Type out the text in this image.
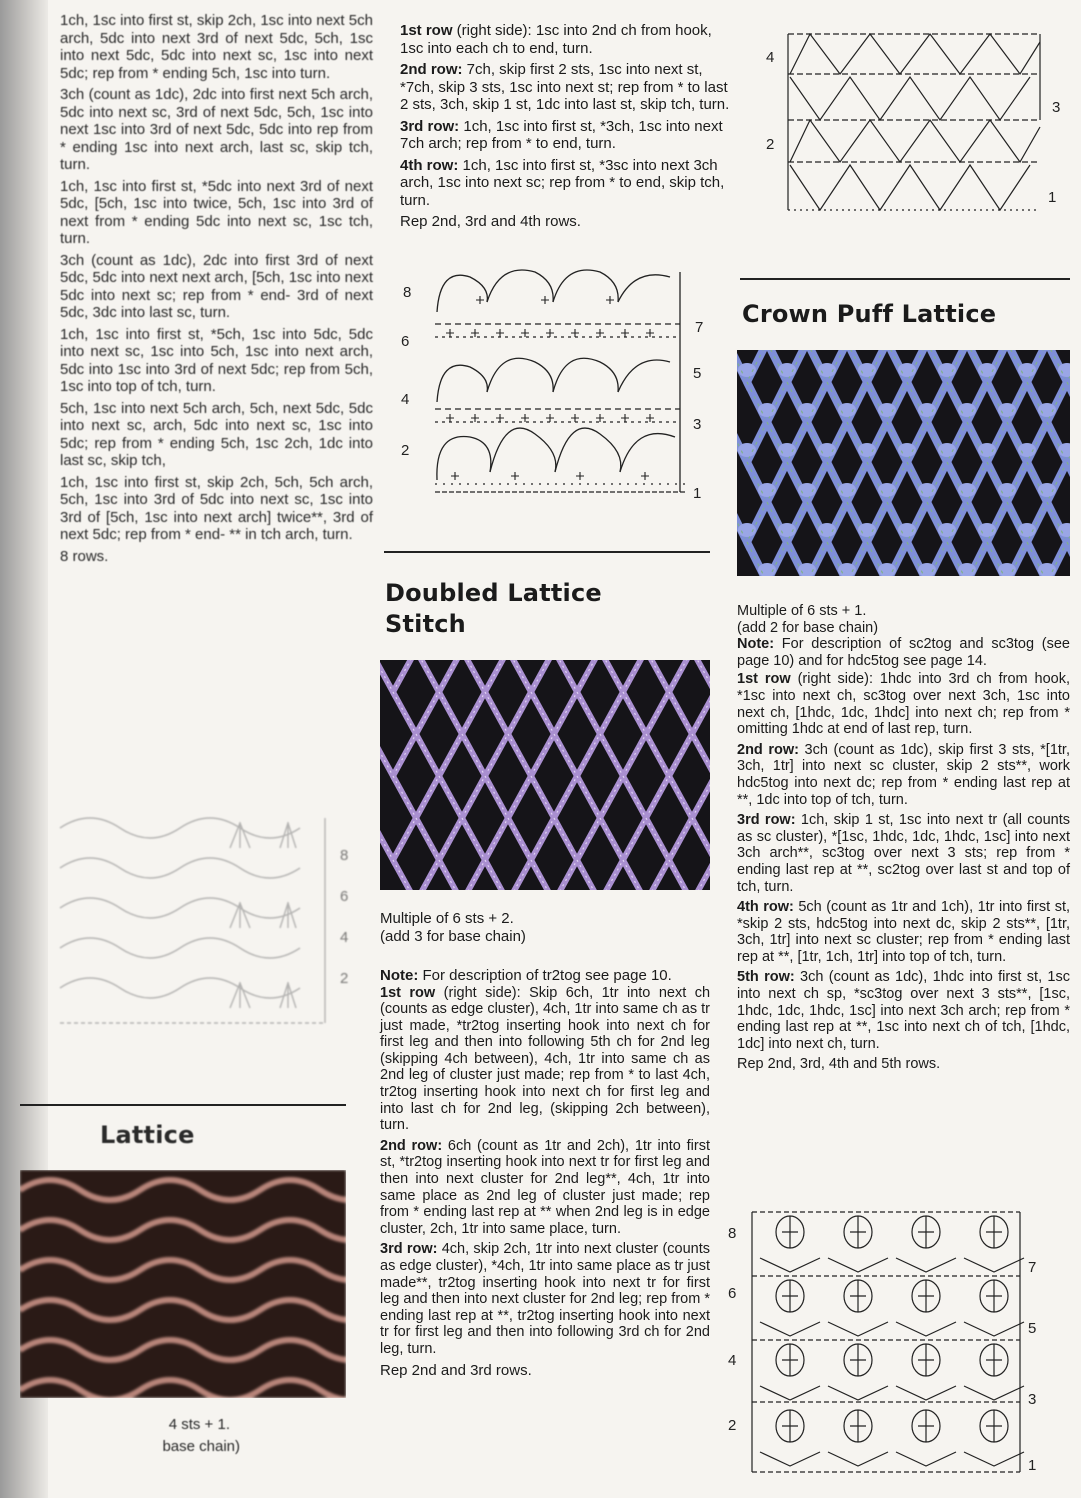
1ch, 1sc into first st, skip 2ch, 1sc into next 5ch arch, 5dc into next 3rd of next 5dc, 5ch, 1sc into next 5dc, 5dc into next sc, 1sc into next 5dc; rep from * ending 5ch, 1sc into turn.

3ch (count as 1dc), 2dc into first next 5ch arch, 5dc into next sc, 3rd of next 5dc, 5ch, 1sc into next 1sc into 3rd of next 5dc, 5dc into rep from * ending 1sc into next arch, last sc, skip tch, turn.

1ch, 1sc into first st, *5dc into next 3rd of next 5dc, [5ch, 1sc into twice, 5ch, 1sc into 3rd of next from * ending 5dc into next sc, 1sc tch, turn.

3ch (count as 1dc), 2dc into first 3rd of next 5dc, 5dc into next next arch, [5ch, 1sc into next 5dc into next sc; rep from * end- 3rd of next 5dc, 3dc into last sc, turn.

1ch, 1sc into first st, *5ch, 1sc into 5dc, 5dc into next sc, 1sc into 5ch, 1sc into next arch, 5dc into 1sc into 3rd of next 5dc; rep from 5ch, 1sc into top of tch, turn.

5ch, 1sc into next 5ch arch, 5ch, next 5dc, 5dc into next sc, arch, 5dc into next sc, 1sc into 5dc; rep from * ending 5ch, 1sc 2ch, 1dc into last sc, skip tch,

1ch, 1sc into first st, skip 2ch, 5ch, 5ch arch, 5ch, 1sc into 3rd of 5dc into next sc, 1sc into 3rd of [5ch, 1sc into next arch] twice**, 3rd of next 5dc; rep from * end- ** in tch arch, turn.

8 rows.

8
6
4
2
Lattice

4 sts + 1.

base chain)

1st row (right side): 1sc into 2nd ch from hook, 1sc into each ch to end, turn.

2nd row: 7ch, skip first 2 sts, 1sc into next st, *7ch, skip 3 sts, 1sc into next st; rep from * to last 2 sts, 3ch, skip 1 st, 1dc into last st, skip tch, turn.

3rd row: 1ch, 1sc into first st, *3ch, 1sc into next 7ch arch; rep from * to end, turn.

4th row: 1ch, 1sc into first st, *3sc into next 3ch arch, 1sc into next sc; rep from * to end, skip tch, turn.

Rep 2nd, 3rd and 4th rows.

8
6
4
2
7
5
3
1
Doubled Lattice Stitch

Multiple of 6 sts + 2.

(add 3 for base chain)

Note: For description of tr2tog see page 10.

1st row (right side): Skip 6ch, 1tr into next ch (counts as edge cluster), 4ch, 1tr into same ch as tr just made, *tr2tog inserting hook into next ch for first leg and then into following 5th ch for 2nd leg (skipping 4ch between), 4ch, 1tr into same ch as 2nd leg of cluster just made; rep from * to last 4ch, tr2tog inserting hook into next ch for first leg and into last ch for 2nd leg, (skipping 2ch between), turn.

2nd row: 6ch (count as 1tr and 2ch), 1tr into first st, *tr2tog inserting hook into next tr for first leg and then into next cluster for 2nd leg**, 4ch, 1tr into same place as 2nd leg of cluster just made; rep from * ending last rep at ** when 2nd leg is in edge cluster, 2ch, 1tr into same place, turn.

3rd row: 4ch, skip 2ch, 1tr into next cluster (counts as edge cluster), *4ch, 1tr into same place as tr just made**, tr2tog inserting hook into next tr for first leg and then into next cluster for 2nd leg; rep from * ending last rep at **, tr2tog inserting hook into next tr for first leg and then into following 3rd ch for 2nd leg, turn.

Rep 2nd and 3rd rows.

4
2
3
1
Crown Puff Lattice

Multiple of 6 sts + 1.

(add 2 for base chain)

Note: For description of sc2tog and sc3tog (see page 10) and for hdc5tog see page 14.

1st row (right side): 1hdc into 3rd ch from hook, *1sc into next ch, sc3tog over next 3ch, 1sc into next ch, [1hdc, 1dc, 1hdc] into next ch; rep from * omitting 1hdc at end of last rep, turn.

2nd row: 3ch (count as 1dc), skip first 3 sts, *[1tr, 3ch, 1tr] into next sc cluster, skip 2 sts**, work hdc5tog into next dc; rep from * ending last rep at **, 1dc into top of tch, turn.

3rd row: 1ch, skip 1 st, 1sc into next tr (all counts as sc cluster), *[1sc, 1hdc, 1dc, 1hdc, 1sc] into next 3ch arch**, sc3tog over next 3 sts; rep from * ending last rep at **, sc2tog over last st and top of tch, turn.

4th row: 5ch (count as 1tr and 1ch), 1tr into first st, *skip 2 sts, hdc5tog into next dc, skip 2 sts**, [1tr, 3ch, 1tr] into next sc cluster; rep from * ending last rep at **, [1tr, 1ch, 1tr] into top of tch, turn.

5th row: 3ch (count as 1dc), 1hdc into first st, 1sc into next ch sp, *sc3tog over next 3 sts**, [1sc, 1hdc, 1dc, 1hdc, 1sc] into next 3ch arch; rep from * ending last rep at **, 1sc into next ch of tch, [1hdc, 1dc] into next ch, turn.

Rep 2nd, 3rd, 4th and 5th rows.

8
6
4
2
7
5
3
1
